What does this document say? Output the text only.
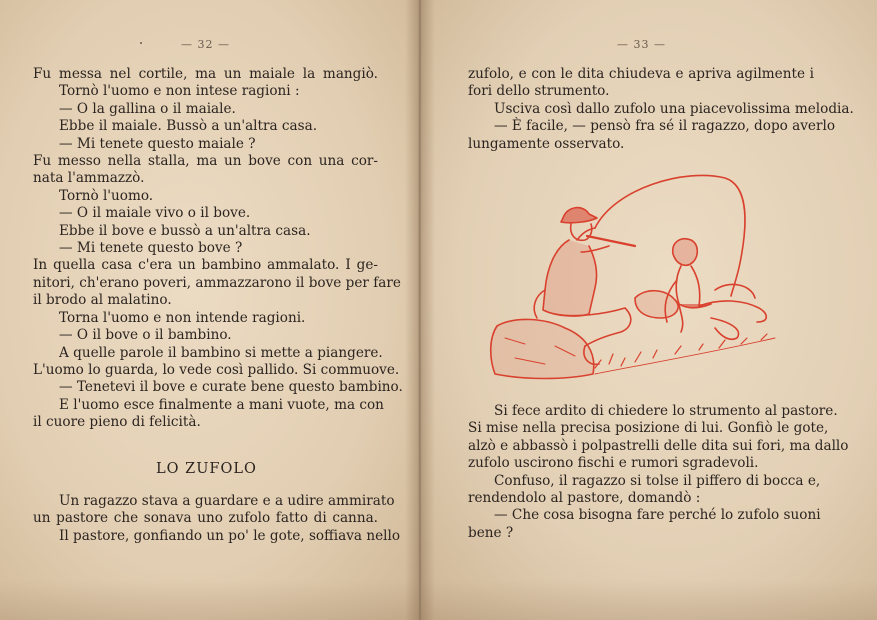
— 32 —	— 33 —

Fu messa nel cortile, ma un maiale la mangiò.

Tornò l'uomo e non intese ragioni :

— O la gallina o il maiale.

Ebbe il maiale. Bussò a un'altra casa.

— Mi tenete questo maiale ?

Fu messo nella stalla, ma un bove con una cor-

nata l'ammazzò.

Tornò l'uomo.

— O il maiale vivo o il bove.

Ebbe il bove e bussò a un'altra casa.

— Mi tenete questo bove ?

In quella casa c'era un bambino ammalato. I ge-

nitori, ch'erano poveri, ammazzarono il bove per fare

il brodo al malatino.

Torna l'uomo e non intende ragioni.

— O il bove o il bambino.

A quelle parole il bambino si mette a piangere.

L'uomo lo guarda, lo vede così pallido. Si commuove.

— Tenetevi il bove e curate bene questo bambino.

E l'uomo esce finalmente a mani vuote, ma con

il cuore pieno di felicità.

LO ZUFOLO

Un ragazzo stava a guardare e a udire ammirato

un pastore che sonava uno zufolo fatto di canna.

Il pastore, gonfiando un po' le gote, soffiava nello

zufolo, e con le dita chiudeva e apriva agilmente i

fori dello strumento.

Usciva così dallo zufolo una piacevolissima melodia.

— È facile, — pensò fra sé il ragazzo, dopo averlo

lungamente osservato.

Si fece ardito di chiedere lo strumento al pastore.

Si mise nella precisa posizione di lui. Gonfiò le gote,

alzò e abbassò i polpastrelli delle dita sui fori, ma dallo

zufolo uscirono fischi e rumori sgradevoli.

Confuso, il ragazzo si tolse il piffero di bocca e,

rendendolo al pastore, domandò :

— Che cosa bisogna fare perché lo zufolo suoni

bene ?
